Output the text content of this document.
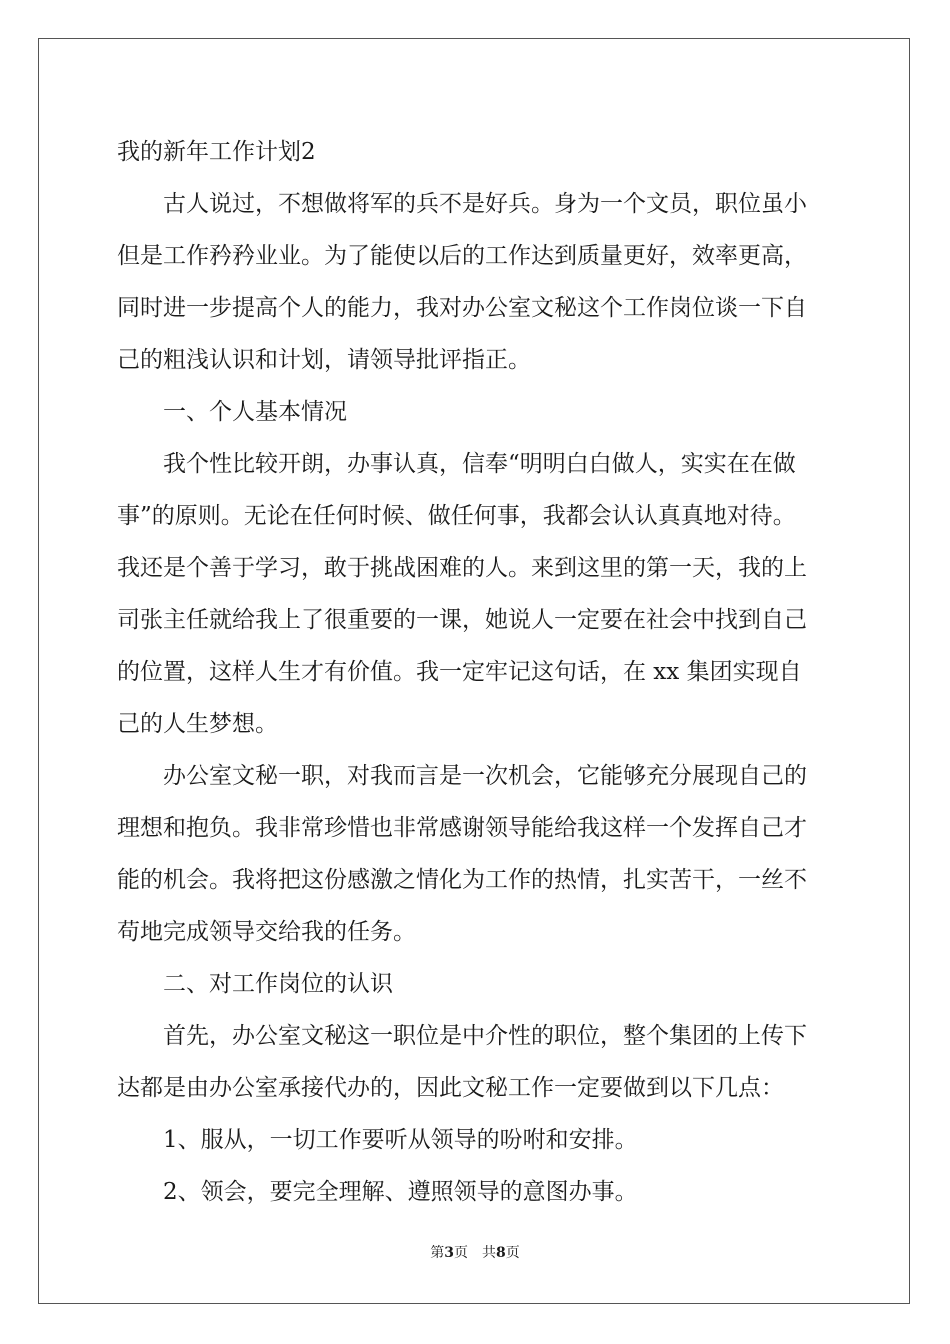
我的新年工作计划2
古人说过，不想做将军的兵不是好兵。身为一个文员，职位虽小
但是工作矜矜业业。为了能使以后的工作达到质量更好，效率更高，
同时进一步提高个人的能力，我对办公室文秘这个工作岗位谈一下自
己的粗浅认识和计划，请领导批评指正。
一、个人基本情况
我个性比较开朗，办事认真，信奉“明明白白做人，实实在在做
事”的原则。无论在任何时候、做任何事，我都会认认真真地对待。
我还是个善于学习，敢于挑战困难的人。来到这里的第一天，我的上
司张主任就给我上了很重要的一课，她说人一定要在社会中找到自己
的位置，这样人生才有价值。我一定牢记这句话，在 xx 集团实现自
己的人生梦想。
办公室文秘一职，对我而言是一次机会，它能够充分展现自己的
理想和抱负。我非常珍惜也非常感谢领导能给我这样一个发挥自己才
能的机会。我将把这份感激之情化为工作的热情，扎实苦干，一丝不
苟地完成领导交给我的任务。
二、对工作岗位的认识
首先，办公室文秘这一职位是中介性的职位，整个集团的上传下
达都是由办公室承接代办的，因此文秘工作一定要做到以下几点：
1、服从，一切工作要听从领导的吩咐和安排。
2、领会，要完全理解、遵照领导的意图办事。
第3页 共8页
